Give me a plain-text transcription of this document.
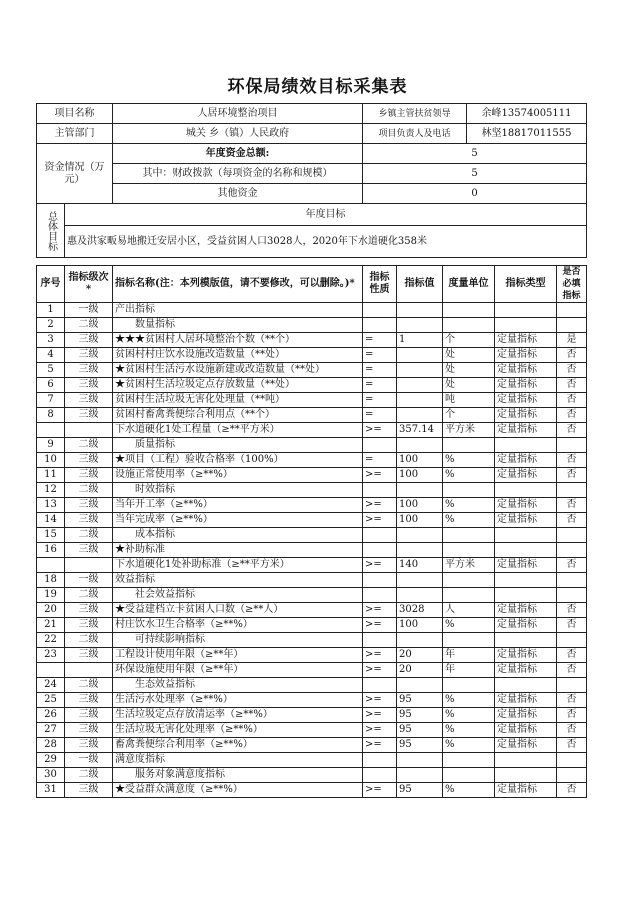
环保局绩效目标采集表
项目名称		人居环境整治项目	乡镇主管扶贫领导	余峰13574005111
主管部门		城关 乡（镇）人民政府	项目负责人及电话	林坚18817011555
资金情况（万元）		年度资金总额:	5	
		其中：财政拨款（每项资金的名称和规模）	5	
		其他资金	0	
总体目标	年度目标			
	惠及洪家畈易地搬迁安居小区，受益贫困人口3028人，2020年下水道硬化358米			
序号	指标级次*	指标名称(注：本列模版值，请不要修改，可以删除。)*	指标性质	指标值	度量单位	指标类型	是否必填指标
1	一级	产出指标					
2	二级	　　数量指标					
3	三级	★★★贫困村人居环境整治个数（**个）	=	1	个	定量指标	是
4	三级	贫困村村庄饮水设施改造数量（**处）	=		处	定量指标	否
5	三级	★贫困村生活污水设施新建或改造数量（**处）	=		处	定量指标	否
6	三级	★贫困村生活垃圾定点存放数量（**处）	=		处	定量指标	否
7	三级	贫困村生活垃圾无害化处理量（**吨）	=		吨	定量指标	否
8	三级	贫困村畜禽粪便综合利用点（**个）	=		个	定量指标	否
		下水道硬化1处工程量（≥**平方米）	>=	357.14	平方米	定量指标	否
9	二级	　　质量指标					
10	三级	★项目（工程）验收合格率（100%）	=	100	%	定量指标	否
11	三级	设施正常使用率（≥**%）	>=	100	%	定量指标	否
12	二级	　　时效指标					
13	三级	当年开工率（≥**%）	>=	100	%	定量指标	否
14	三级	当年完成率（≥**%）	>=	100	%	定量指标	否
15	二级	　　成本指标					
16	三级	★补助标准					
		下水道硬化1处补助标准（≥**平方米）	>=	140	平方米	定量指标	否
18	一级	效益指标					
19	二级	　　社会效益指标					
20	三级	★受益建档立卡贫困人口数（≥**人）	>=	3028	人	定量指标	否
21	三级	村庄饮水卫生合格率（≥**%）	>=	100	%	定量指标	否
22	二级	　　可持续影响指标					
23	三级	工程设计使用年限（≥**年）	>=	20	年	定量指标	否
		环保设施使用年限（≥**年）	>=	20	年	定量指标	否
24	二级	　　生态效益指标					
25	三级	生活污水处理率（≥**%）	>=	95	%	定量指标	否
26	三级	生活垃圾定点存放清运率（≥**%）	>=	95	%	定量指标	否
27	三级	生活垃圾无害化处理率（≥**%）	>=	95	%	定量指标	否
28	三级	畜禽粪便综合利用率（≥**%）	>=	95	%	定量指标	否
29	一级	满意度指标					
30	二级	　　服务对象满意度指标					
31	三级	★受益群众满意度（≥**%）	>=	95	%	定量指标	否
